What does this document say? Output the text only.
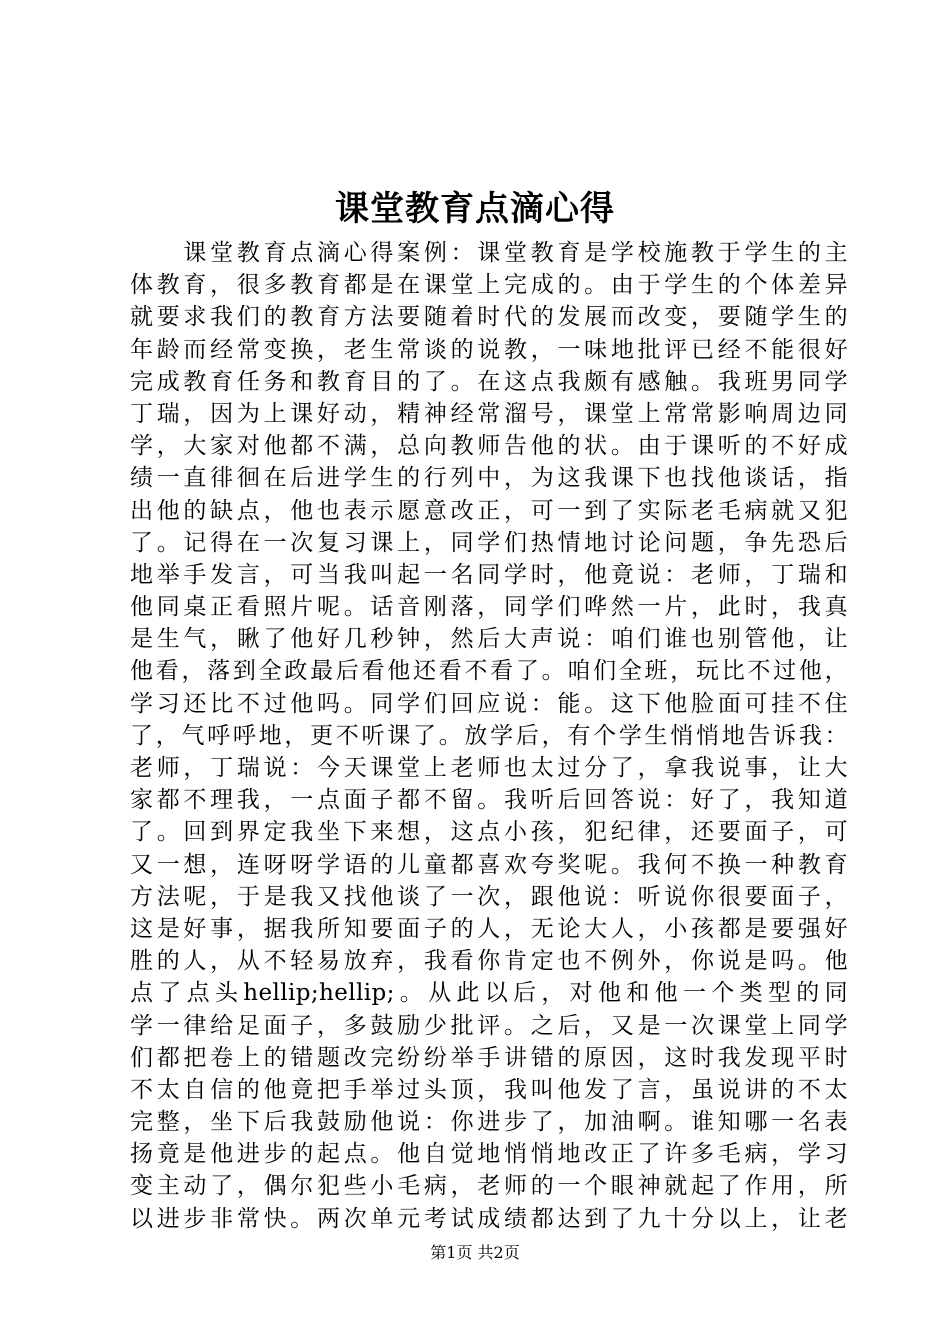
课堂教育点滴心得
　　课堂教育点滴心得案例：课堂教育是学校施教于学生的主
体教育，很多教育都是在课堂上完成的。由于学生的个体差异
就要求我们的教育方法要随着时代的发展而改变，要随学生的
年龄而经常变换，老生常谈的说教，一味地批评已经不能很好
完成教育任务和教育目的了。在这点我颇有感触。我班男同学
丁瑞，因为上课好动，精神经常溜号，课堂上常常影响周边同
学，大家对他都不满，总向教师告他的状。由于课听的不好成
绩一直徘徊在后进学生的行列中，为这我课下也找他谈话，指
出他的缺点，他也表示愿意改正，可一到了实际老毛病就又犯
了。记得在一次复习课上，同学们热情地讨论问题，争先恐后
地举手发言，可当我叫起一名同学时，他竟说：老师，丁瑞和
他同桌正看照片呢。话音刚落，同学们哗然一片，此时，我真
是生气，瞅了他好几秒钟，然后大声说：咱们谁也别管他，让
他看，落到全政最后看他还看不看了。咱们全班，玩比不过他，
学习还比不过他吗。同学们回应说：能。这下他脸面可挂不住
了，气呼呼地，更不听课了。放学后，有个学生悄悄地告诉我：
老师，丁瑞说：今天课堂上老师也太过分了，拿我说事，让大
家都不理我，一点面子都不留。我听后回答说：好了，我知道
了。回到界定我坐下来想，这点小孩，犯纪律，还要面子，可
又一想，连呀呀学语的儿童都喜欢夸奖呢。我何不换一种教育
方法呢，于是我又找他谈了一次，跟他说：听说你很要面子，
这是好事，据我所知要面子的人，无论大人，小孩都是要强好
胜的人，从不轻易放弃，我看你肯定也不例外，你说是吗。他
点了点头hellip;hellip;。从此以后，对他和他一个类型的同
学一律给足面子，多鼓励少批评。之后，又是一次课堂上同学
们都把卷上的错题改完纷纷举手讲错的原因，这时我发现平时
不太自信的他竟把手举过头顶，我叫他发了言，虽说讲的不太
完整，坐下后我鼓励他说：你进步了，加油啊。谁知哪一名表
扬竟是他进步的起点。他自觉地悄悄地改正了许多毛病，学习
变主动了，偶尔犯些小毛病，老师的一个眼神就起了作用，所
以进步非常快。两次单元考试成绩都达到了九十分以上，让老
第1页 共2页
